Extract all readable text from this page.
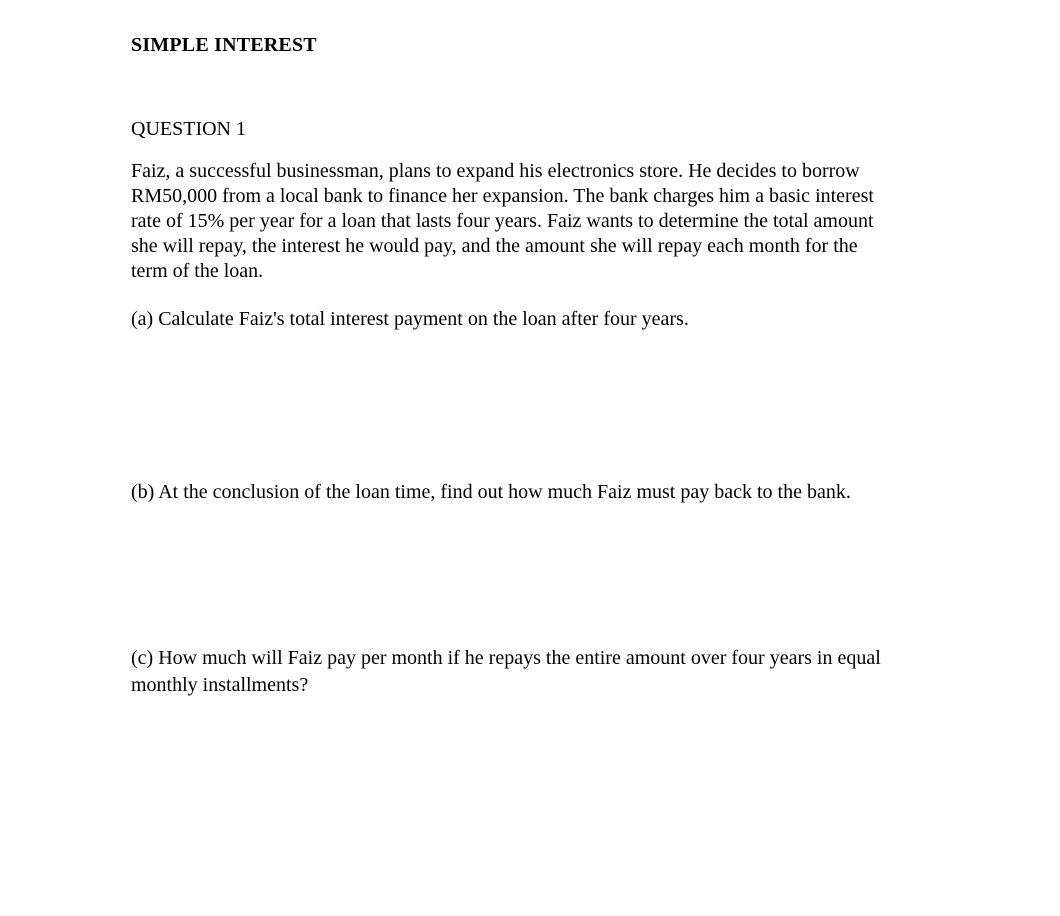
SIMPLE INTEREST
QUESTION 1

Faiz, a successful businessman, plans to expand his electronics store. He decides to borrow
RM50,000 from a local bank to finance her expansion. The bank charges him a basic interest
rate of 15% per year for a loan that lasts four years. Faiz wants to determine the total amount
she will repay, the interest he would pay, and the amount she will repay each month for the
term of the loan.

(a) Calculate Faiz's total interest payment on the loan after four years.

(b) At the conclusion of the loan time, find out how much Faiz must pay back to the bank.

(c) How much will Faiz pay per month if he repays the entire amount over four years in equal
monthly installments?
